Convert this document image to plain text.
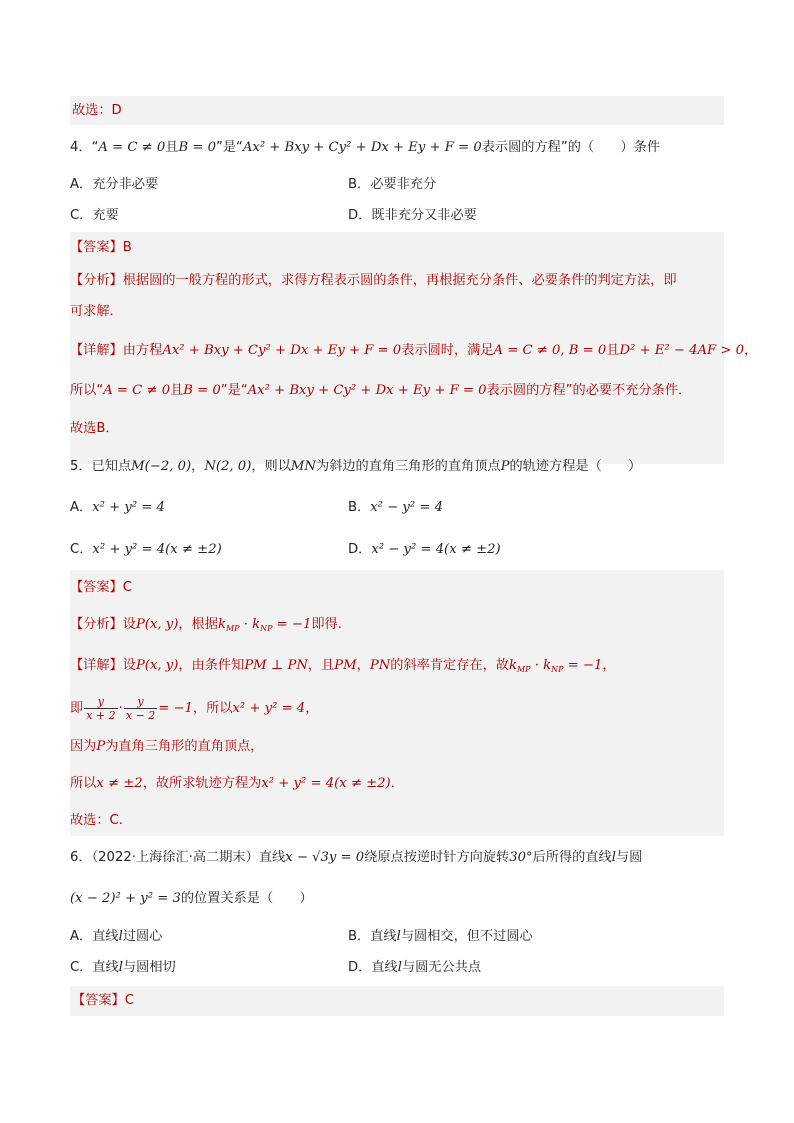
故选：D
4．“A = C ≠ 0且B = 0”是“Ax² + Bxy + Cy² + Dx + Ey + F = 0表示圆的方程”的（　　）条件
A．充分非必要	B．必要非充分
C．充要	D．既非充分又非必要
【答案】B
【分析】根据圆的一般方程的形式，求得方程表示圆的条件，再根据充分条件、必要条件的判定方法，即
可求解．
【详解】由方程Ax² + Bxy + Cy² + Dx + Ey + F = 0表示圆时，满足A = C ≠ 0, B = 0且D² + E² − 4AF > 0，
所以“A = C ≠ 0且B = 0”是“Ax² + Bxy + Cy² + Dx + Ey + F = 0表示圆的方程”的必要不充分条件．
故选B．
5．已知点M(−2, 0)，N(2, 0)，则以MN为斜边的直角三角形的直角顶点P的轨迹方程是（　　）
A．x² + y² = 4	B．x² − y² = 4
C．x² + y² = 4(x ≠ ±2)	D．x² − y² = 4(x ≠ ±2)
【答案】C
【分析】设P(x, y)，根据$k_{MP} \cdot k_{NP} = -1$即得.
【详解】设P(x, y)，由条件知PM ⊥ PN，且PM，PN的斜率肯定存在，故$k_{MP} \cdot k_{NP} = -1$，
即 $\frac{y}{x + 2} \cdot \frac{y}{x - 2} = -1$，所以x² + y² = 4，
因为P为直角三角形的直角顶点，
所以x ≠ ±2，故所求轨迹方程为x² + y² = 4(x ≠ ±2)．
故选：C.
6．（2022·上海徐汇·高二期末）直线x − √3y = 0绕原点按逆时针方向旋转30°后所得的直线l与圆
(x − 2)² + y² = 3的位置关系是（　　）
A．直线l过圆心	B．直线l与圆相交，但不过圆心
C．直线l与圆相切	D．直线l与圆无公共点
【答案】C
